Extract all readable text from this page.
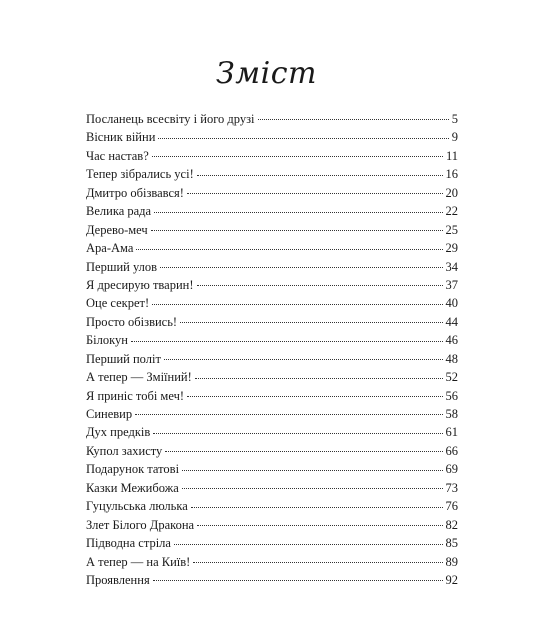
Зміст
Посланець всесвіту і його друзі	5
Вісник війни	9
Час настав?	11
Тепер зібрались усі!	16
Дмитро обізвався!	20
Велика рада	22
Дерево-меч	25
Ара-Ама	29
Перший улов	34
Я дресирую тварин!	37
Оце секрет!	40
Просто обізвись!	44
Білокун	46
Перший політ	48
А тепер — Зміїний!	52
Я приніс тобі меч!	56
Синевир	58
Дух предків	61
Купол захисту	66
Подарунок татові	69
Казки Межибожа	73
Гуцульська люлька	76
Злет Білого Дракона	82
Підводна стріла	85
А тепер — на Київ!	89
Проявлення	92
